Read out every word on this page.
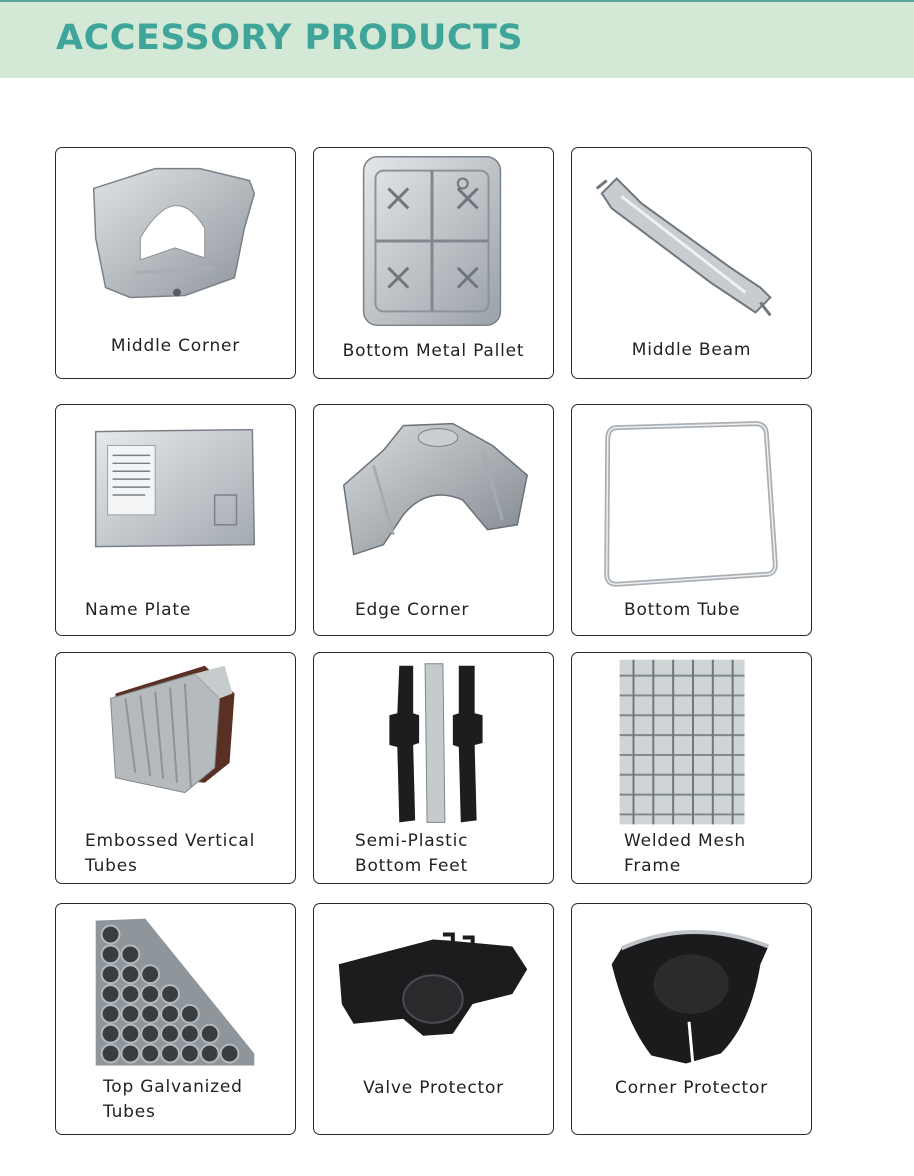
ACCESSORY PRODUCTS
Middle Corner	Bottom Metal Pallet	Middle Beam
Name Plate	Edge Corner	Bottom Tube
Embossed Vertical
Tubes
Semi-Plastic
Bottom Feet
Welded Mesh
Frame
Top Galvanized
Tubes
Valve Protector	Corner Protector
